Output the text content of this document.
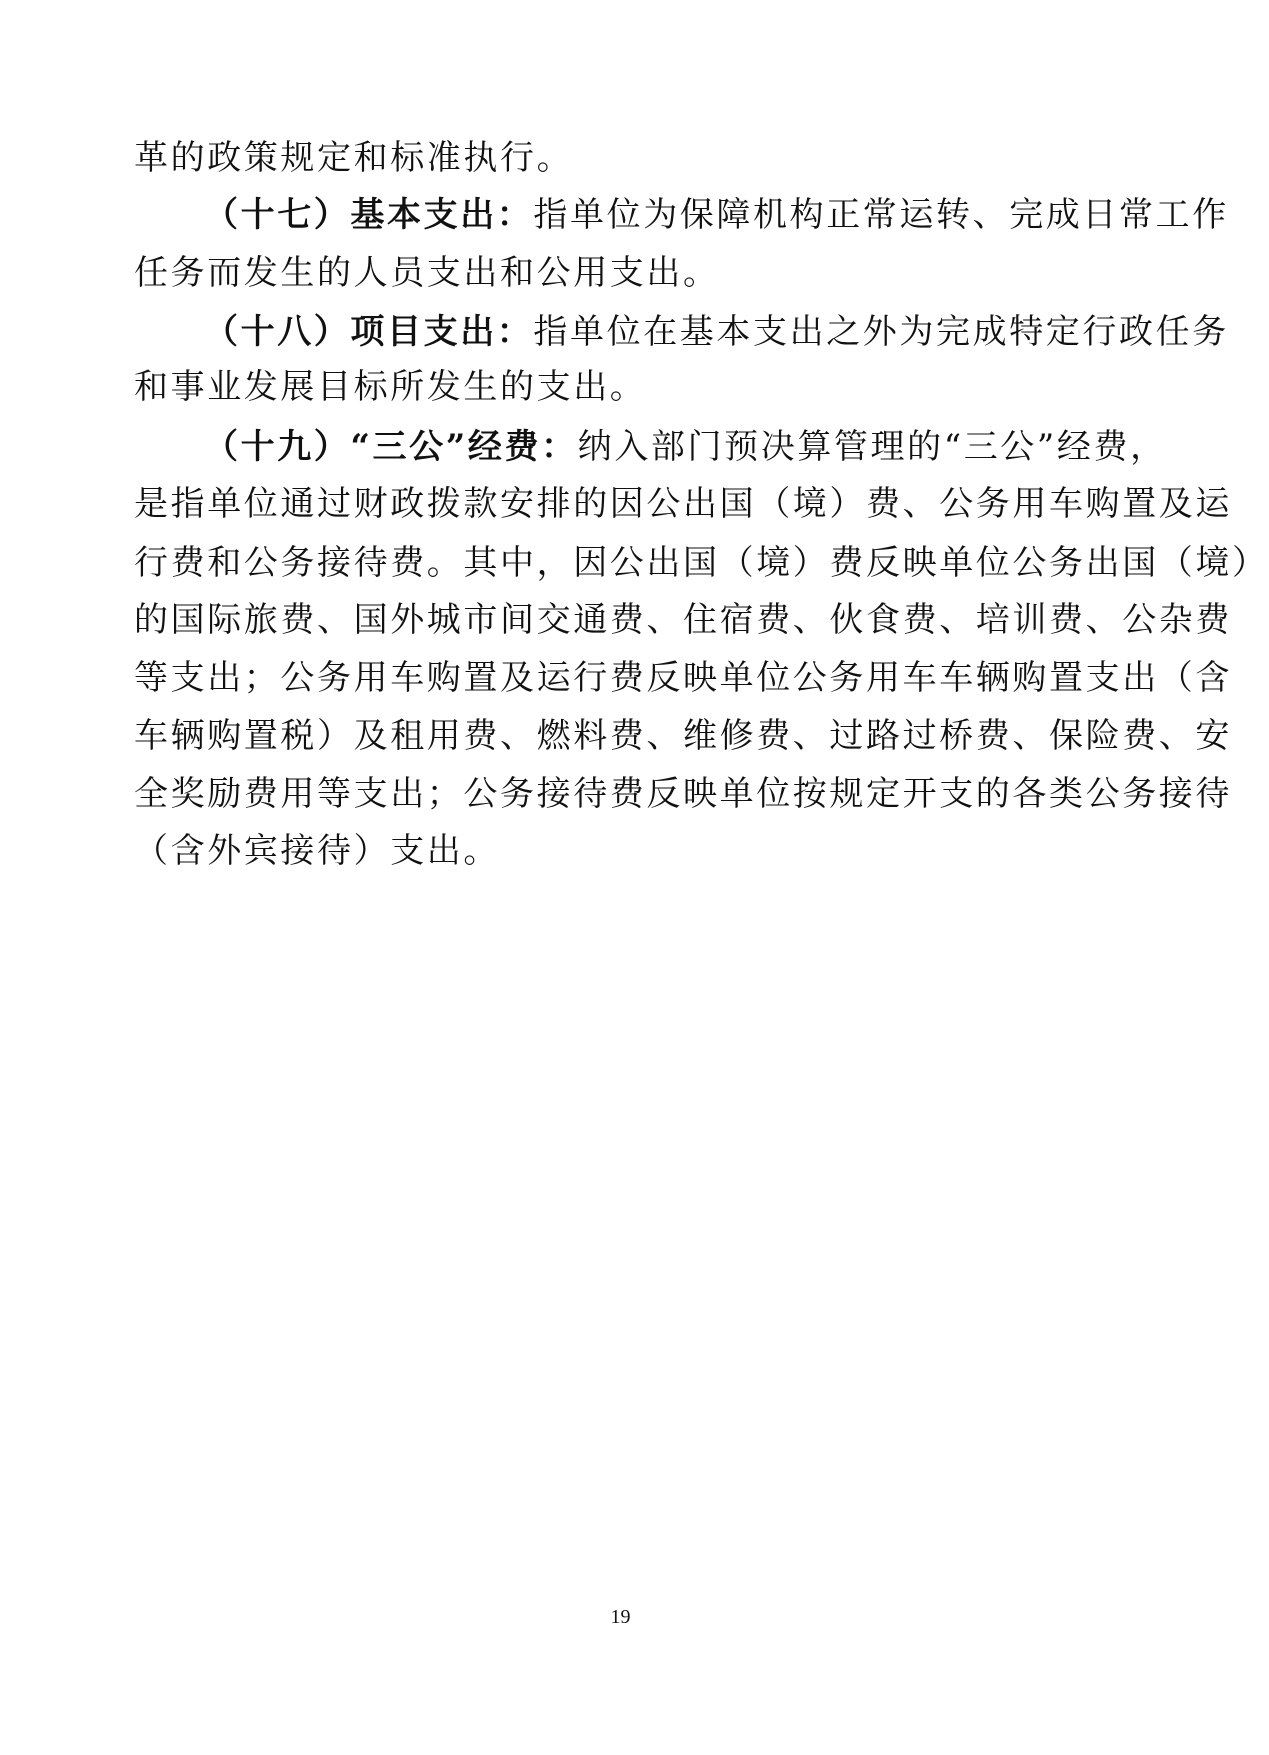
革的政策规定和标准执行。
（十七）基本支出：指单位为保障机构正常运转、完成日常工作
任务而发生的人员支出和公用支出。
（十八）项目支出：指单位在基本支出之外为完成特定行政任务
和事业发展目标所发生的支出。
（十九）“三公”经费：纳入部门预决算管理的“三公”经费，
是指单位通过财政拨款安排的因公出国（境）费、公务用车购置及运
行费和公务接待费。其中，因公出国（境）费反映单位公务出国（境）
的国际旅费、国外城市间交通费、住宿费、伙食费、培训费、公杂费
等支出；公务用车购置及运行费反映单位公务用车车辆购置支出（含
车辆购置税）及租用费、燃料费、维修费、过路过桥费、保险费、安
全奖励费用等支出；公务接待费反映单位按规定开支的各类公务接待
（含外宾接待）支出。
19
